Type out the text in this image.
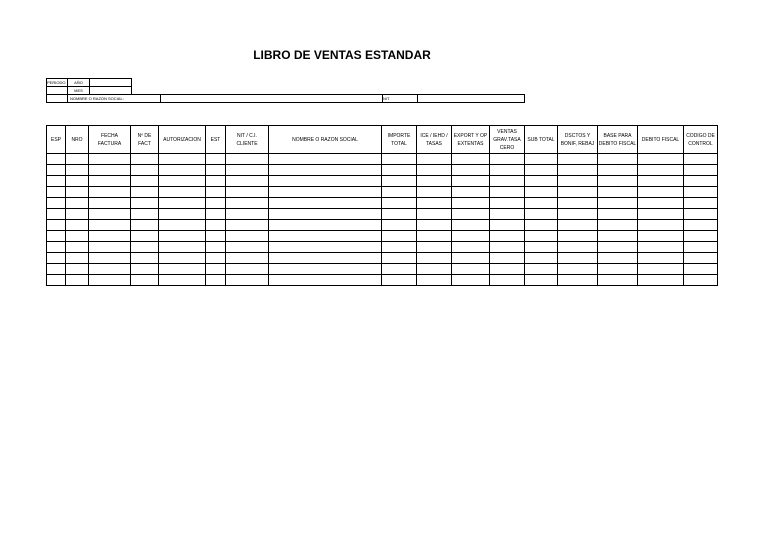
LIBRO DE VENTAS ESTANDAR
PERIODO	AÑO	
	MES	
	NOMBRE O RAZON SOCIAL:		NIT	
ESP	NRO	FECHA FACTURA	Nº DE FACT	AUTORIZACION	EST	NIT / C.I. CLIENTE	NOMBRE O RAZON SOCIAL	IMPORTE TOTAL	ICE / IEHD / TASAS	EXPORT Y OP EXTENTAS	VENTAS GRAV.TASA CERO	SUB TOTAL	DSCTOS Y BONIF, REBAJ	BASE PARA DEBITO FISCAL	DEBITO FISCAL	CODIGO DE CONTROL
